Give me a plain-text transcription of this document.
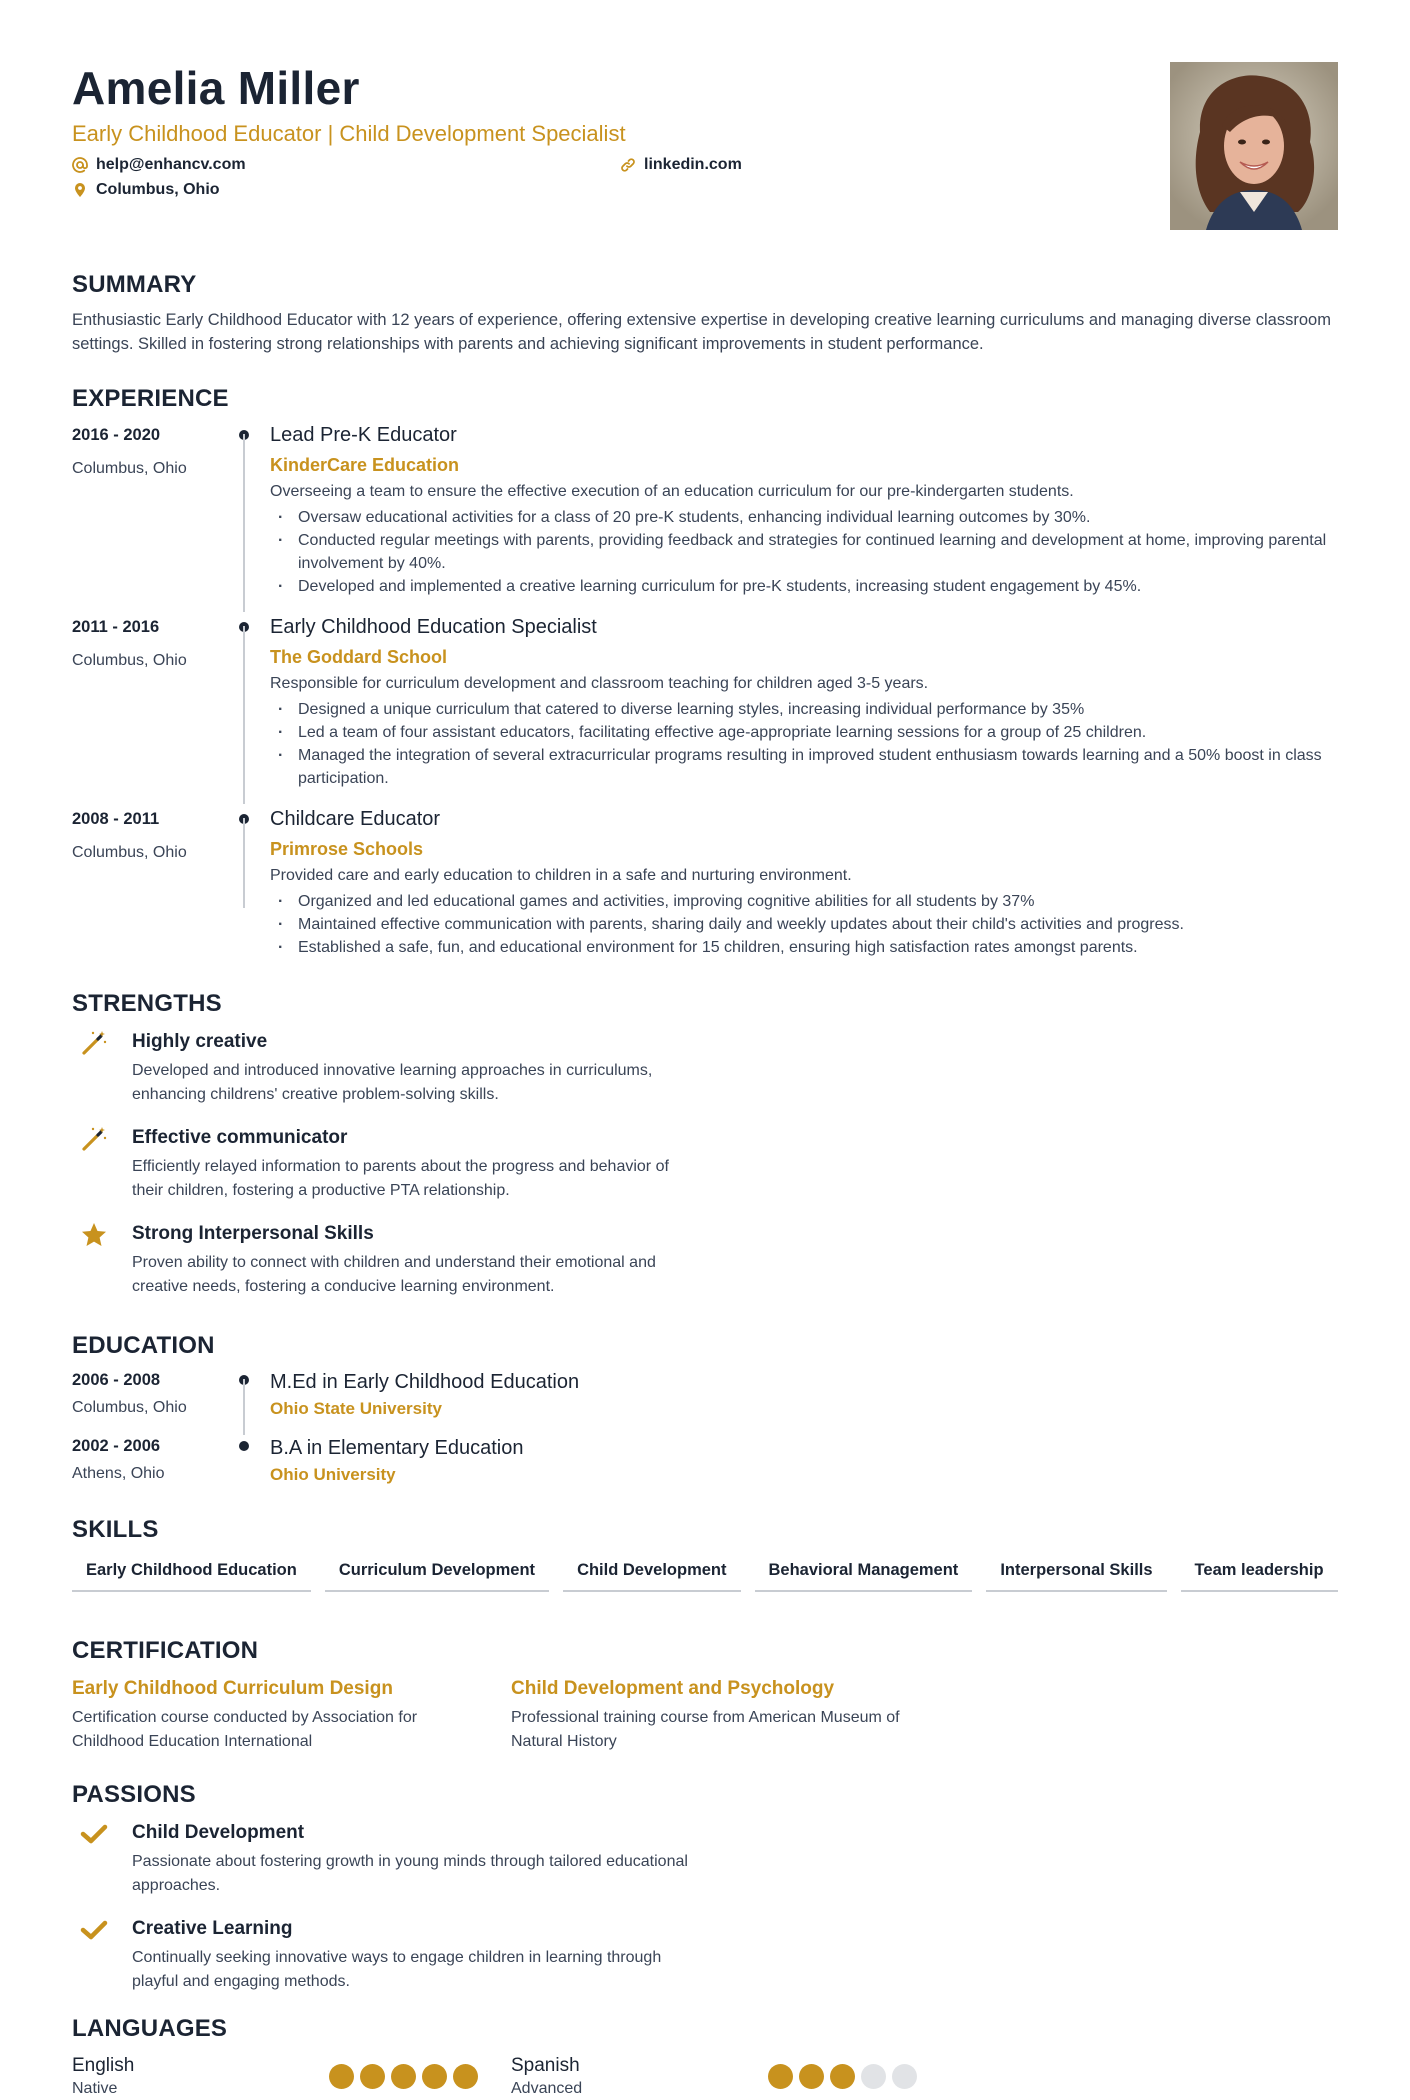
Amelia Miller
Early Childhood Educator | Child Development Specialist
help@enhancv.com	linkedin.com
Columbus, Ohio
SUMMARY

Enthusiastic Early Childhood Educator with 12 years of experience, offering extensive expertise in developing creative learning curriculums and managing diverse classroom settings. Skilled in fostering strong relationships with parents and achieving significant improvements in student performance.

EXPERIENCE
2016 - 2020
Columbus, Ohio
Lead Pre-K Educator
KinderCare Education
Overseeing a team to ensure the effective execution of an education curriculum for our pre-kindergarten students.
· Oversaw educational activities for a class of 20 pre-K students, enhancing individual learning outcomes by 30%.
· Conducted regular meetings with parents, providing feedback and strategies for continued learning and development at home, improving parental involvement by 40%.
· Developed and implemented a creative learning curriculum for pre-K students, increasing student engagement by 45%.
2011 - 2016
Columbus, Ohio
Early Childhood Education Specialist
The Goddard School
Responsible for curriculum development and classroom teaching for children aged 3-5 years.
· Designed a unique curriculum that catered to diverse learning styles, increasing individual performance by 35%
· Led a team of four assistant educators, facilitating effective age-appropriate learning sessions for a group of 25 children.
· Managed the integration of several extracurricular programs resulting in improved student enthusiasm towards learning and a 50% boost in class participation.
2008 - 2011
Columbus, Ohio
Childcare Educator
Primrose Schools
Provided care and early education to children in a safe and nurturing environment.
· Organized and led educational games and activities, improving cognitive abilities for all students by 37%
· Maintained effective communication with parents, sharing daily and weekly updates about their child's activities and progress.
· Established a safe, fun, and educational environment for 15 children, ensuring high satisfaction rates amongst parents.
STRENGTHS
Highly creative
Developed and introduced innovative learning approaches in curriculums, enhancing childrens' creative problem-solving skills.
Effective communicator
Efficiently relayed information to parents about the progress and behavior of their children, fostering a productive PTA relationship.
Strong Interpersonal Skills
Proven ability to connect with children and understand their emotional and creative needs, fostering a conducive learning environment.
EDUCATION
2006 - 2008
Columbus, Ohio
M.Ed in Early Childhood Education
Ohio State University
2002 - 2006
Athens, Ohio
B.A in Elementary Education
Ohio University
SKILLS
Early Childhood Education	Curriculum Development	Child Development	Behavioral Management	Interpersonal Skills	Team leadership
CERTIFICATION
Early Childhood Curriculum Design
Certification course conducted by Association for Childhood Education International
Child Development and Psychology
Professional training course from American Museum of Natural History
PASSIONS
Child Development
Passionate about fostering growth in young minds through tailored educational approaches.
Creative Learning
Continually seeking innovative ways to engage children in learning through playful and engaging methods.
LANGUAGES
English
Native
Spanish
Advanced
